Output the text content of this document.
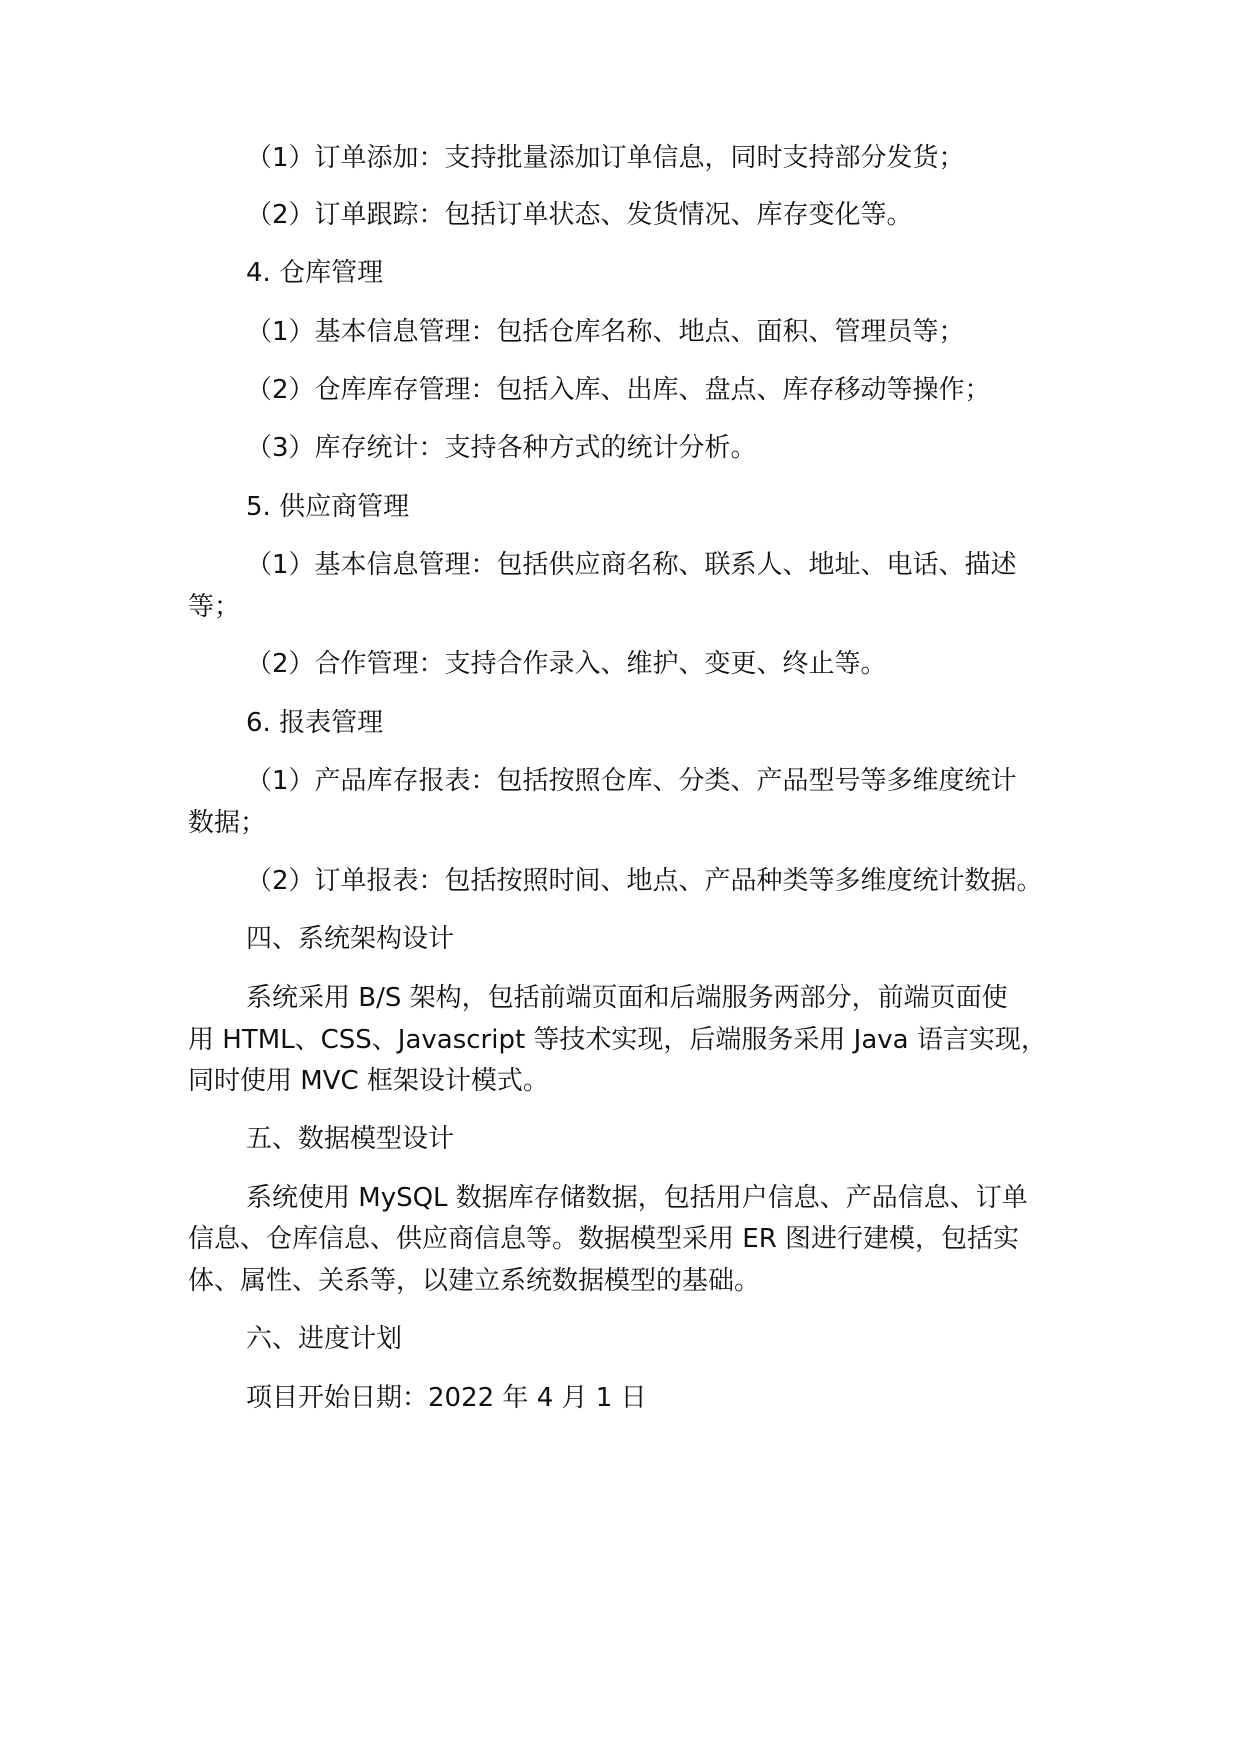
（1）订单添加：支持批量添加订单信息，同时支持部分发货；
（2）订单跟踪：包括订单状态、发货情况、库存变化等。
4. 仓库管理
（1）基本信息管理：包括仓库名称、地点、面积、管理员等；
（2）仓库库存管理：包括入库、出库、盘点、库存移动等操作；
（3）库存统计：支持各种方式的统计分析。
5. 供应商管理
（1）基本信息管理：包括供应商名称、联系人、地址、电话、描述
等；
（2）合作管理：支持合作录入、维护、变更、终止等。
6. 报表管理
（1）产品库存报表：包括按照仓库、分类、产品型号等多维度统计
数据；
（2）订单报表：包括按照时间、地点、产品种类等多维度统计数据。
四、系统架构设计
系统采用 B/S 架构，包括前端页面和后端服务两部分，前端页面使
用 HTML、CSS、Javascript 等技术实现，后端服务采用 Java 语言实现，
同时使用 MVC 框架设计模式。
五、数据模型设计
系统使用 MySQL 数据库存储数据，包括用户信息、产品信息、订单
信息、仓库信息、供应商信息等。数据模型采用 ER 图进行建模，包括实
体、属性、关系等，以建立系统数据模型的基础。
六、进度计划
项目开始日期：2022 年 4 月 1 日
